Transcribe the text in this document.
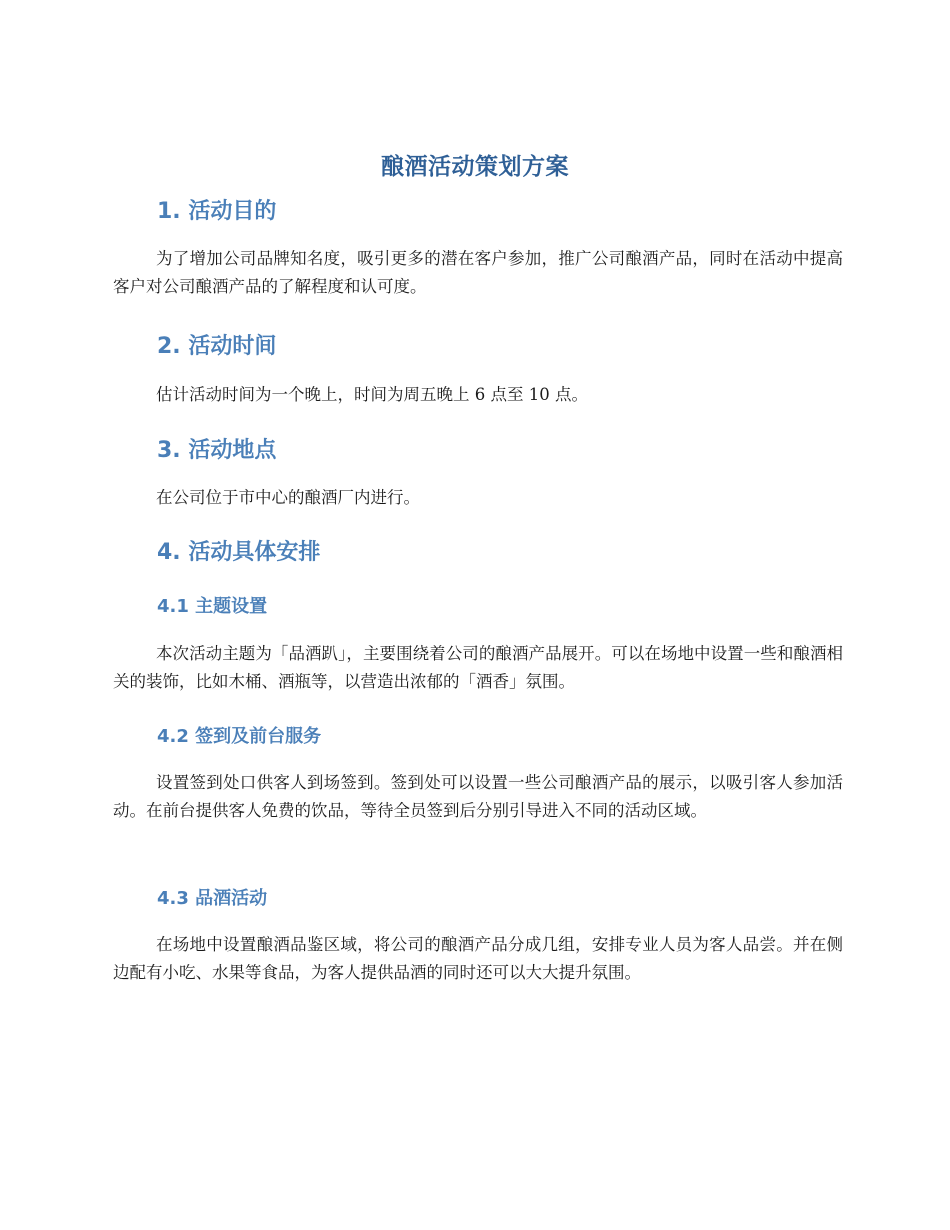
酿酒活动策划方案
1. 活动目的
为了增加公司品牌知名度，吸引更多的潜在客户参加，推广公司酿酒产品，同时在活动中提高客户对公司酿酒产品的了解程度和认可度。
2. 活动时间
估计活动时间为一个晚上，时间为周五晚上 6 点至 10 点。
3. 活动地点
在公司位于市中心的酿酒厂内进行。
4. 活动具体安排
4.1 主题设置
本次活动主题为「品酒趴」，主要围绕着公司的酿酒产品展开。可以在场地中设置一些和酿酒相关的装饰，比如木桶、酒瓶等，以营造出浓郁的「酒香」氛围。
4.2 签到及前台服务
设置签到处口供客人到场签到。签到处可以设置一些公司酿酒产品的展示，以吸引客人参加活动。在前台提供客人免费的饮品，等待全员签到后分别引导进入不同的活动区域。
4.3 品酒活动
在场地中设置酿酒品鉴区域，将公司的酿酒产品分成几组，安排专业人员为客人品尝。并在侧边配有小吃、水果等食品，为客人提供品酒的同时还可以大大提升氛围。
